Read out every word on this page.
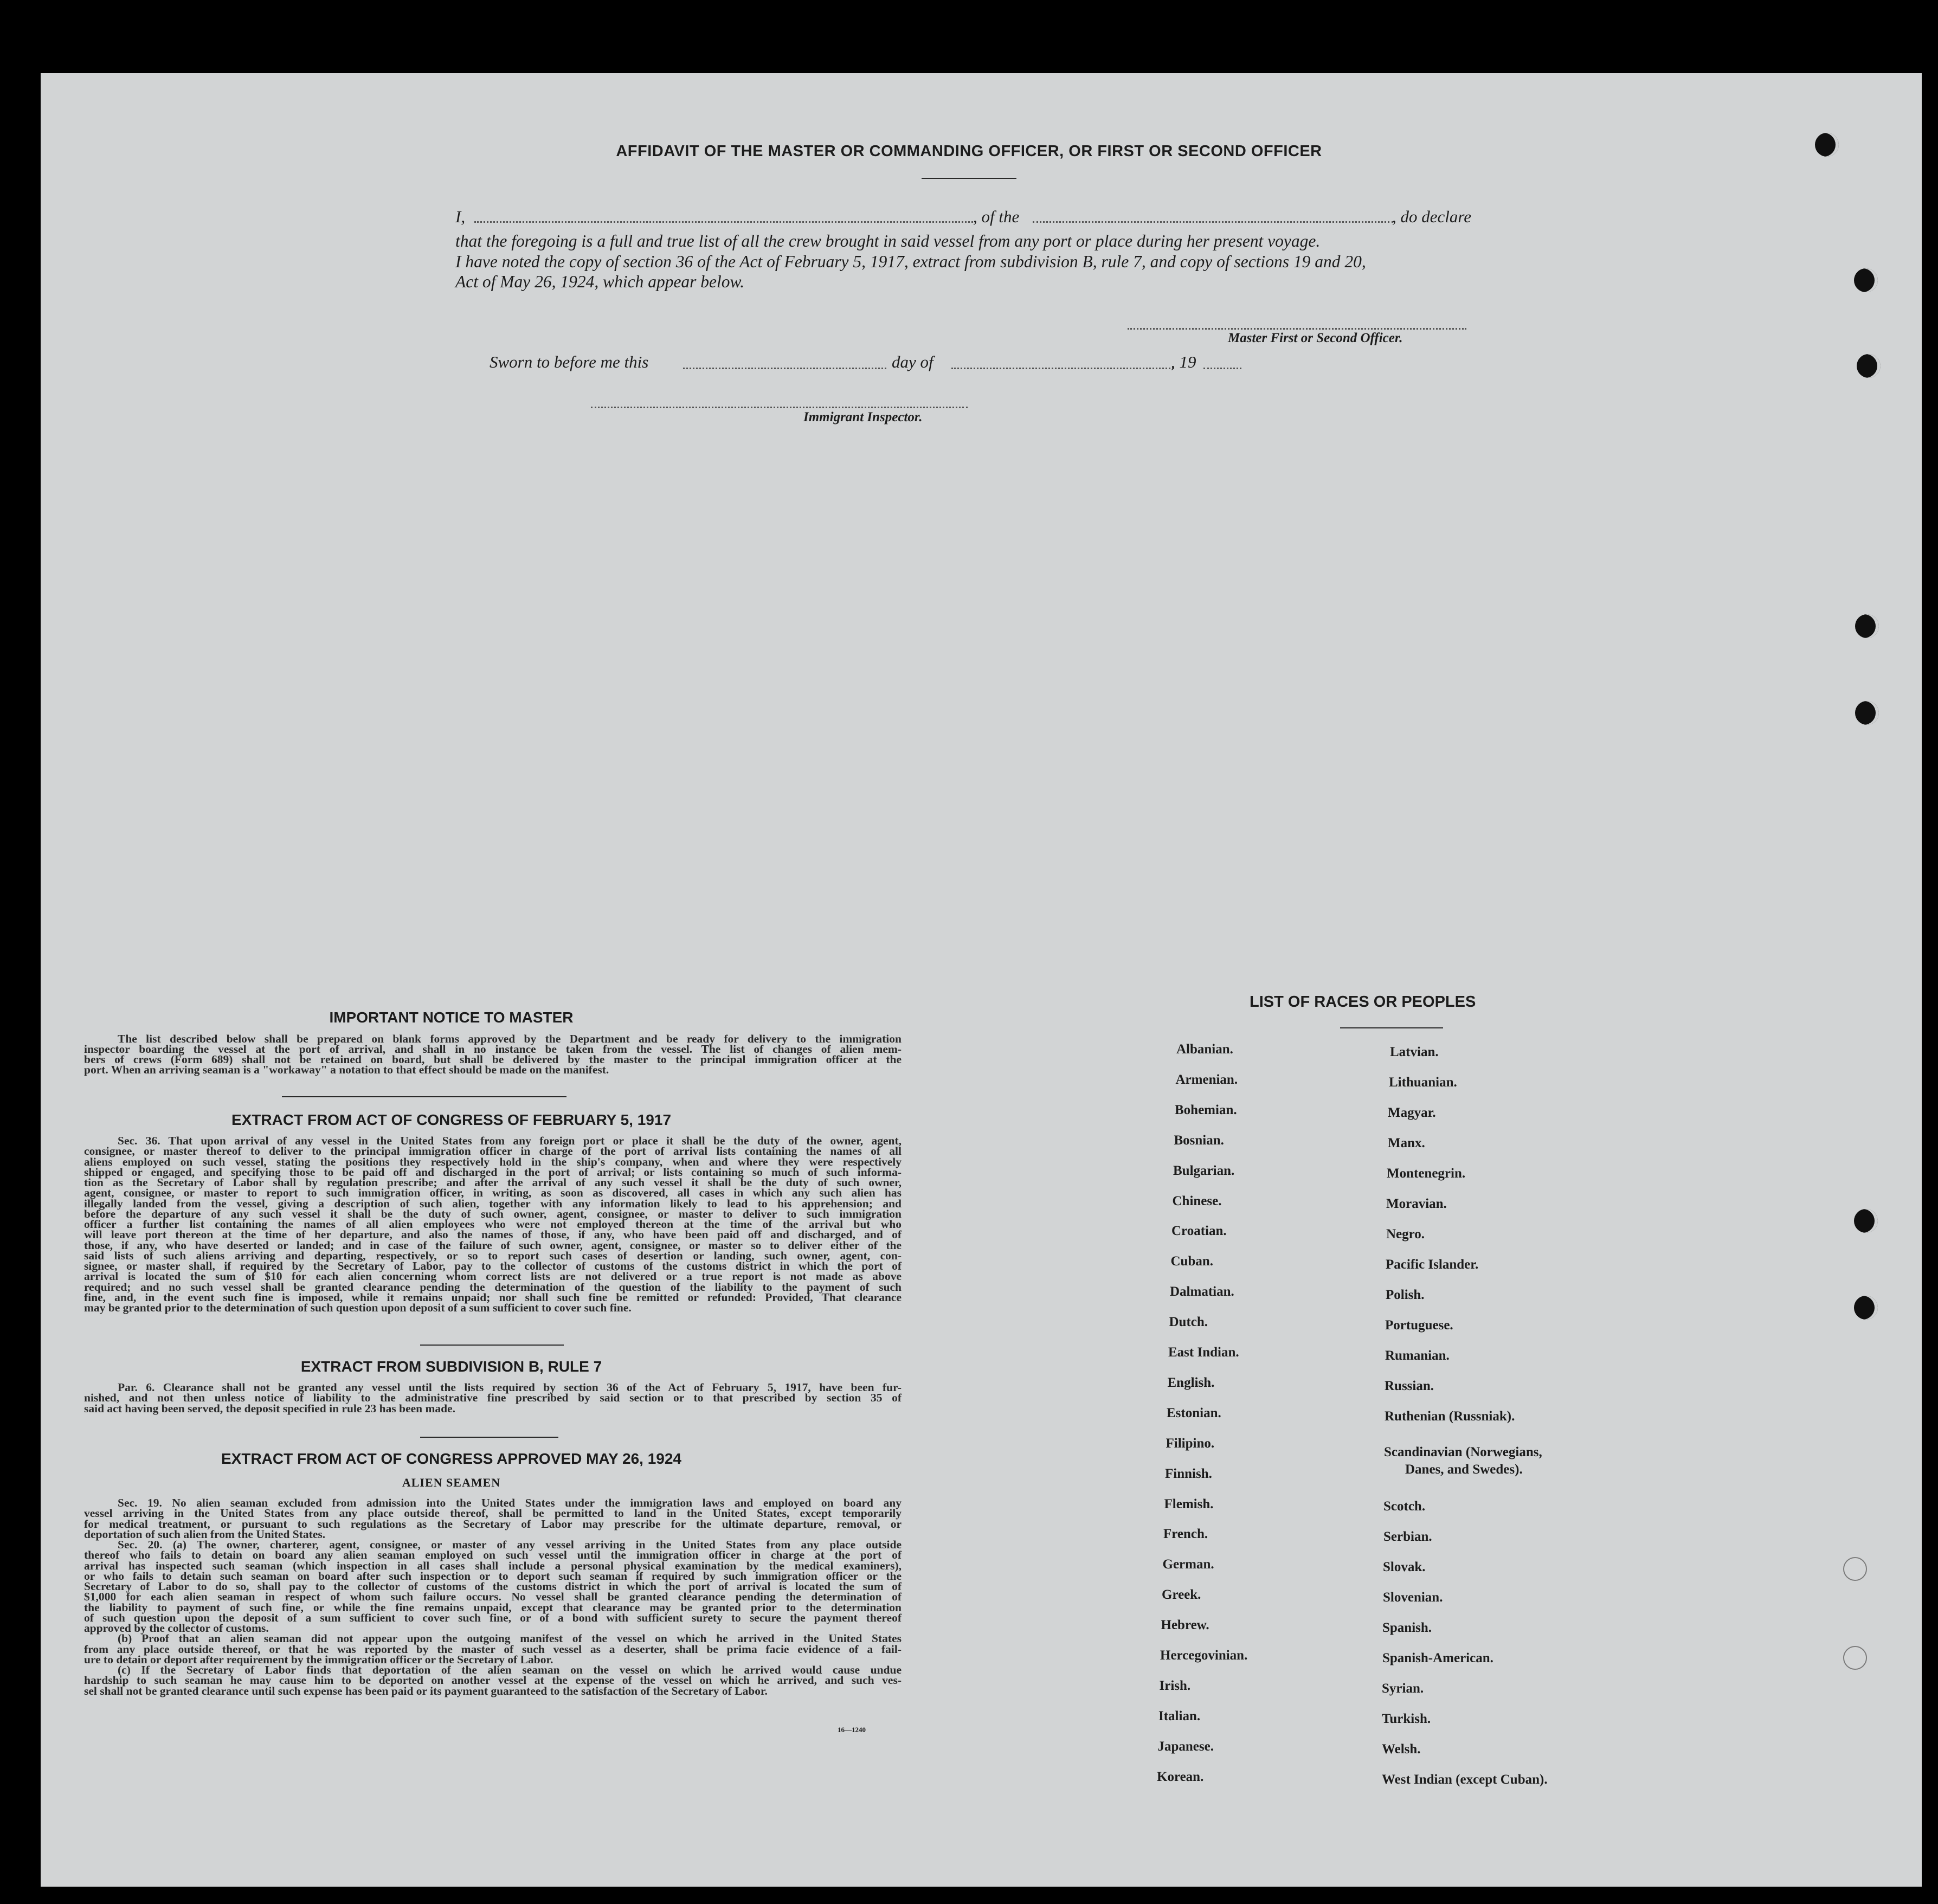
AFFIDAVIT OF THE MASTER OR COMMANDING OFFICER, OR FIRST OR SECOND OFFICER
I,	, of the	, do declare
that the foregoing is a full and true list of all the crew brought in said vessel from any port or place during her present voyage.
I have noted the copy of section 36 of the Act of February 5, 1917, extract from subdivision B, rule 7, and copy of sections 19 and 20,
Act of May 26, 1924, which appear below.
Master First or Second Officer.
Sworn to before me this	day of	, 19
Immigrant Inspector.
IMPORTANT NOTICE TO MASTER
The list described below shall be prepared on blank forms approved by the Department and be ready for delivery to the immigration
inspector boarding the vessel at the port of arrival, and shall in no instance be taken from the vessel. The list of changes of alien mem-
bers of crews (Form 689) shall not be retained on board, but shall be delivered by the master to the principal immigration officer at the
port. When an arriving seaman is a "workaway" a notation to that effect should be made on the manifest.
EXTRACT FROM ACT OF CONGRESS OF FEBRUARY 5, 1917
Sec. 36. That upon arrival of any vessel in the United States from any foreign port or place it shall be the duty of the owner, agent,
consignee, or master thereof to deliver to the principal immigration officer in charge of the port of arrival lists containing the names of all
aliens employed on such vessel, stating the positions they respectively hold in the ship's company, when and where they were respectively
shipped or engaged, and specifying those to be paid off and discharged in the port of arrival; or lists containing so much of such informa-
tion as the Secretary of Labor shall by regulation prescribe; and after the arrival of any such vessel it shall be the duty of such owner,
agent, consignee, or master to report to such immigration officer, in writing, as soon as discovered, all cases in which any such alien has
illegally landed from the vessel, giving a description of such alien, together with any information likely to lead to his apprehension; and
before the departure of any such vessel it shall be the duty of such owner, agent, consignee, or master to deliver to such immigration
officer a further list containing the names of all alien employees who were not employed thereon at the time of the arrival but who
will leave port thereon at the time of her departure, and also the names of those, if any, who have been paid off and discharged, and of
those, if any, who have deserted or landed; and in case of the failure of such owner, agent, consignee, or master so to deliver either of the
said lists of such aliens arriving and departing, respectively, or so to report such cases of desertion or landing, such owner, agent, con-
signee, or master shall, if required by the Secretary of Labor, pay to the collector of customs of the customs district in which the port of
arrival is located the sum of $10 for each alien concerning whom correct lists are not delivered or a true report is not made as above
required; and no such vessel shall be granted clearance pending the determination of the question of the liability to the payment of such
fine, and, in the event such fine is imposed, while it remains unpaid; nor shall such fine be remitted or refunded: Provided, That clearance
may be granted prior to the determination of such question upon deposit of a sum sufficient to cover such fine.
EXTRACT FROM SUBDIVISION B, RULE 7
Par. 6. Clearance shall not be granted any vessel until the lists required by section 36 of the Act of February 5, 1917, have been fur-
nished, and not then unless notice of liability to the administrative fine prescribed by said section or to that prescribed by section 35 of
said act having been served, the deposit specified in rule 23 has been made.
EXTRACT FROM ACT OF CONGRESS APPROVED MAY 26, 1924
ALIEN SEAMEN
Sec. 19. No alien seaman excluded from admission into the United States under the immigration laws and employed on board any
vessel arriving in the United States from any place outside thereof, shall be permitted to land in the United States, except temporarily
for medical treatment, or pursuant to such regulations as the Secretary of Labor may prescribe for the ultimate departure, removal, or
deportation of such alien from the United States.
Sec. 20. (a) The owner, charterer, agent, consignee, or master of any vessel arriving in the United States from any place outside
thereof who fails to detain on board any alien seaman employed on such vessel until the immigration officer in charge at the port of
arrival has inspected such seaman (which inspection in all cases shall include a personal physical examination by the medical examiners),
or who fails to detain such seaman on board after such inspection or to deport such seaman if required by such immigration officer or the
Secretary of Labor to do so, shall pay to the collector of customs of the customs district in which the port of arrival is located the sum of
$1,000 for each alien seaman in respect of whom such failure occurs. No vessel shall be granted clearance pending the determination of
the liability to payment of such fine, or while the fine remains unpaid, except that clearance may be granted prior to the determination
of such question upon the deposit of a sum sufficient to cover such fine, or of a bond with sufficient surety to secure the payment thereof
approved by the collector of customs.
(b) Proof that an alien seaman did not appear upon the outgoing manifest of the vessel on which he arrived in the United States
from any place outside thereof, or that he was reported by the master of such vessel as a deserter, shall be prima facie evidence of a fail-
ure to detain or deport after requirement by the immigration officer or the Secretary of Labor.
(c) If the Secretary of Labor finds that deportation of the alien seaman on the vessel on which he arrived would cause undue
hardship to such seaman he may cause him to be deported on another vessel at the expense of the vessel on which he arrived, and such ves-
sel shall not be granted clearance until such expense has been paid or its payment guaranteed to the satisfaction of the Secretary of Labor.
16—1240
LIST OF RACES OR PEOPLES
Albanian.
Armenian.
Bohemian.
Bosnian.
Bulgarian.
Chinese.
Croatian.
Cuban.
Dalmatian.
Dutch.
East Indian.
English.
Estonian.
Filipino.
Finnish.
Flemish.
French.
German.
Greek.
Hebrew.
Hercegovinian.
Irish.
Italian.
Japanese.
Korean.
Latvian.
Lithuanian.
Magyar.
Manx.
Montenegrin.
Moravian.
Negro.
Pacific Islander.
Polish.
Portuguese.
Rumanian.
Russian.
Ruthenian (Russniak).
Scandinavian (Norwegians,
Danes, and Swedes).
Scotch.
Serbian.
Slovak.
Slovenian.
Spanish.
Spanish-American.
Syrian.
Turkish.
Welsh.
West Indian (except Cuban).
